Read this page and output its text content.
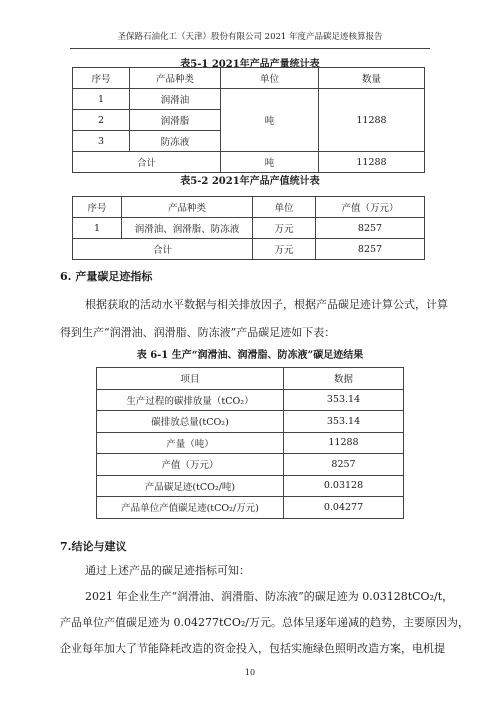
圣保路石油化工（天津）股份有限公司 2021 年度产品碳足迹核算报告
表5-1 2021年产品产量统计表
序号	产品种类	单位	数量
1	润滑油	吨	11288
2	润滑脂		
3	防冻液		
合计		吨	11288
表5-2 2021年产品产值统计表
序号	产品种类	单位	产值（万元）
1	润滑油、润滑脂、防冻液	万元	8257
合计		万元	8257
6. 产量碳足迹指标
根据获取的活动水平数据与相关排放因子，根据产品碳足迹计算公式，计算
得到生产“润滑油、润滑脂、防冻液”产品碳足迹如下表：
表 6-1 生产“润滑油、润滑脂、防冻液”碳足迹结果
项目	数据
生产过程的碳排放量（tCO₂）	353.14
碳排放总量(tCO₂)	353.14
产量（吨）	11288
产值（万元）	8257
产品碳足迹(tCO₂/吨)	0.03128
产品单位产值碳足迹(tCO₂/万元)	0.04277
7.结论与建议
通过上述产品的碳足迹指标可知：
2021 年企业生产“润滑油、润滑脂、防冻液”的碳足迹为 0.03128tCO₂/t，
产品单位产值碳足迹为 0.04277tCO₂/万元。总体呈逐年递减的趋势，主要原因为，
企业每年加大了节能降耗改造的资金投入，包括实施绿色照明改造方案，电机提
10
